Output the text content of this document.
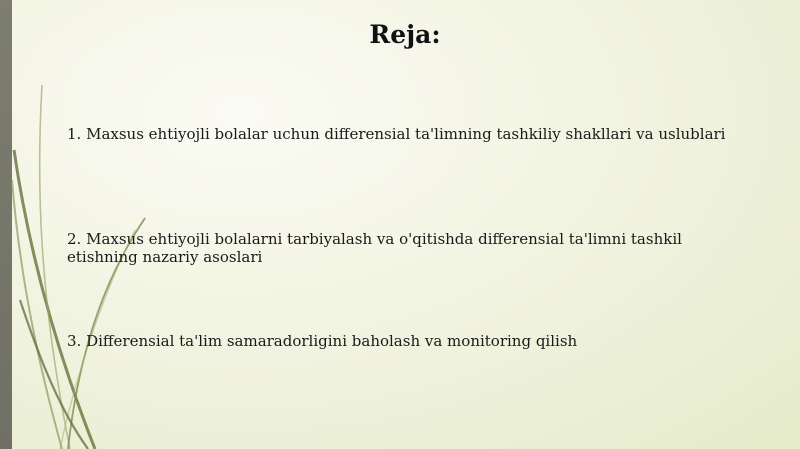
Reja:

1. Maxsus ehtiyojli bolalar uchun differensial ta'limning tashkiliy shakllari va uslublari

2. Maxsus ehtiyojli bolalarni tarbiyalash va o'qitishda differensial ta'limni tashkil etishning nazariy asoslari

3. Differensial ta'lim samaradorligini baholash va monitoring qilish
